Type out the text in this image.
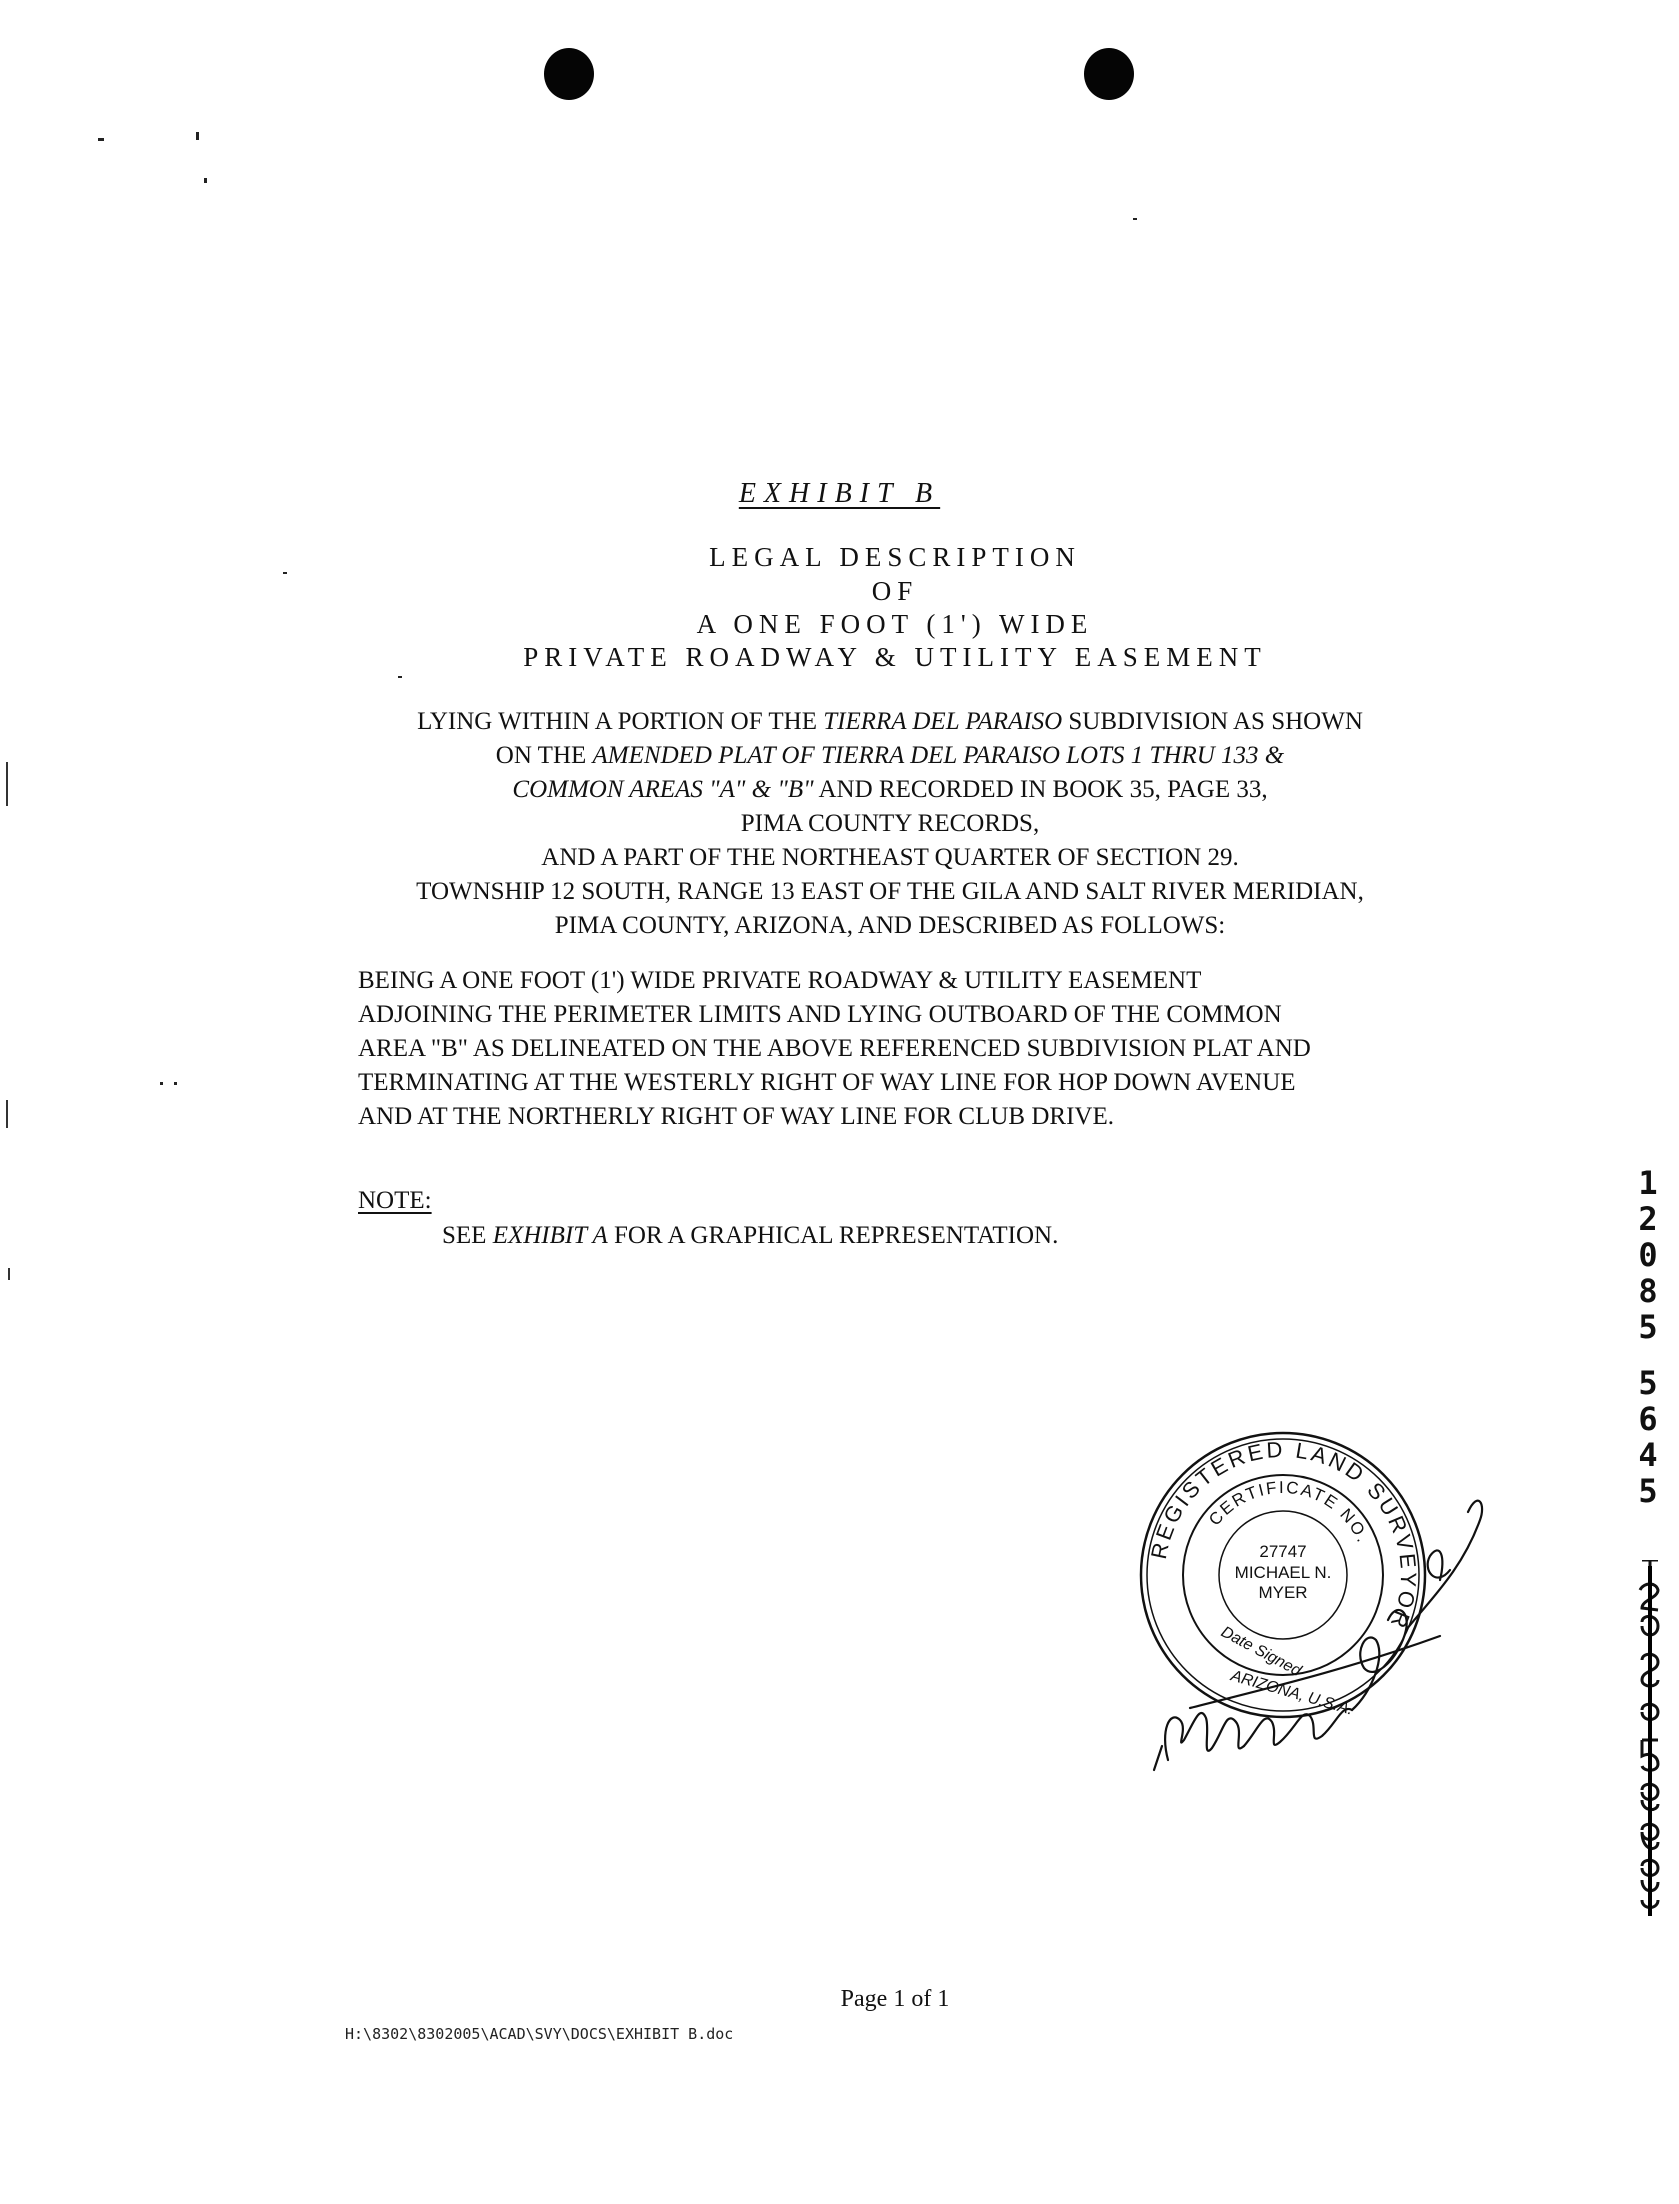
EXHIBIT B
LEGAL DESCRIPTION
OF
A ONE FOOT (1') WIDE
PRIVATE ROADWAY & UTILITY EASEMENT
LYING WITHIN A PORTION OF THE TIERRA DEL PARAISO SUBDIVISION AS SHOWN
ON THE AMENDED PLAT OF TIERRA DEL PARAISO LOTS 1 THRU 133 &
COMMON AREAS "A" & "B" AND RECORDED IN BOOK 35, PAGE 33,
PIMA COUNTY RECORDS,
AND A PART OF THE NORTHEAST QUARTER OF SECTION 29.
TOWNSHIP 12 SOUTH, RANGE 13 EAST OF THE GILA AND SALT RIVER MERIDIAN,
PIMA COUNTY, ARIZONA, AND DESCRIBED AS FOLLOWS:
BEING A ONE FOOT (1') WIDE PRIVATE ROADWAY & UTILITY EASEMENT
ADJOINING THE PERIMETER LIMITS AND LYING OUTBOARD OF THE COMMON
AREA "B" AS DELINEATED ON THE ABOVE REFERENCED SUBDIVISION PLAT AND
TERMINATING AT THE WESTERLY RIGHT OF WAY LINE FOR HOP DOWN AVENUE
AND AT THE NORTHERLY RIGHT OF WAY LINE FOR CLUB DRIVE.
NOTE:
SEE EXHIBIT A FOR A GRAPHICAL REPRESENTATION.
1
2
0
8
5
5
6
4
5
REGISTERED LAND SURVEYOR
CERTIFICATE NO.
27747
MICHAEL N.
MYER
Date Signed
ARIZONA, U.S.A.
Page 1 of 1
H:\8302\8302005\ACAD\SVY\DOCS\EXHIBIT B.doc
